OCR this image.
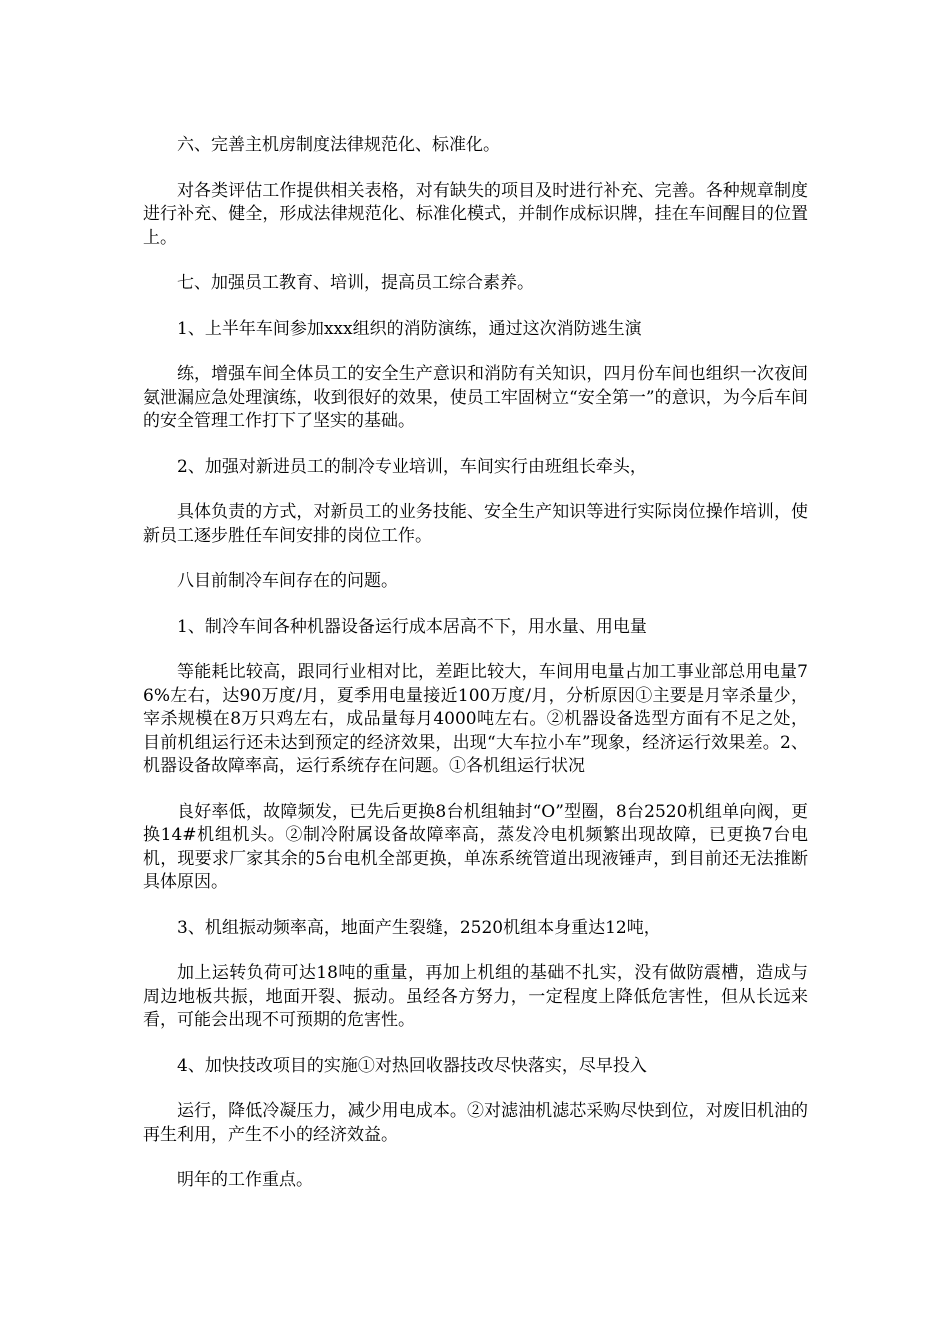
六、完善主机房制度法律规范化、标准化。

对各类评估工作提供相关表格，对有缺失的项目及时进行补充、完善。各种规章制度进行补充、健全，形成法律规范化、标准化模式，并制作成标识牌，挂在车间醒目的位置上。

七、加强员工教育、培训，提高员工综合素养。

1、上半年车间参加xxx组织的消防演练，通过这次消防逃生演

练，增强车间全体员工的安全生产意识和消防有关知识，四月份车间也组织一次夜间氨泄漏应急处理演练，收到很好的效果，使员工牢固树立“安全第一”的意识，为今后车间的安全管理工作打下了坚实的基础。

2、加强对新进员工的制冷专业培训，车间实行由班组长牵头，

具体负责的方式，对新员工的业务技能、安全生产知识等进行实际岗位操作培训，使新员工逐步胜任车间安排的岗位工作。

八目前制冷车间存在的问题。

1、制冷车间各种机器设备运行成本居高不下，用水量、用电量

等能耗比较高，跟同行业相对比，差距比较大，车间用电量占加工事业部总用电量76%左右，达90万度/月，夏季用电量接近100万度/月，分析原因①主要是月宰杀量少，宰杀规模在8万只鸡左右，成品量每月4000吨左右。②机器设备选型方面有不足之处，目前机组运行还未达到预定的经济效果，出现“大车拉小车”现象，经济运行效果差。2、机器设备故障率高，运行系统存在问题。①各机组运行状况

良好率低，故障频发，已先后更换8台机组轴封“O”型圈，8台2520机组单向阀，更换14#机组机头。②制冷附属设备故障率高，蒸发冷电机频繁出现故障，已更换7台电机，现要求厂家其余的5台电机全部更换，单冻系统管道出现液锤声，到目前还无法推断具体原因。

3、机组振动频率高，地面产生裂缝，2520机组本身重达12吨，

加上运转负荷可达18吨的重量，再加上机组的基础不扎实，没有做防震槽，造成与周边地板共振，地面开裂、振动。虽经各方努力，一定程度上降低危害性，但从长远来看，可能会出现不可预期的危害性。

4、加快技改项目的实施①对热回收器技改尽快落实，尽早投入

运行，降低冷凝压力，减少用电成本。②对滤油机滤芯采购尽快到位，对废旧机油的再生利用，产生不小的经济效益。

明年的工作重点。
